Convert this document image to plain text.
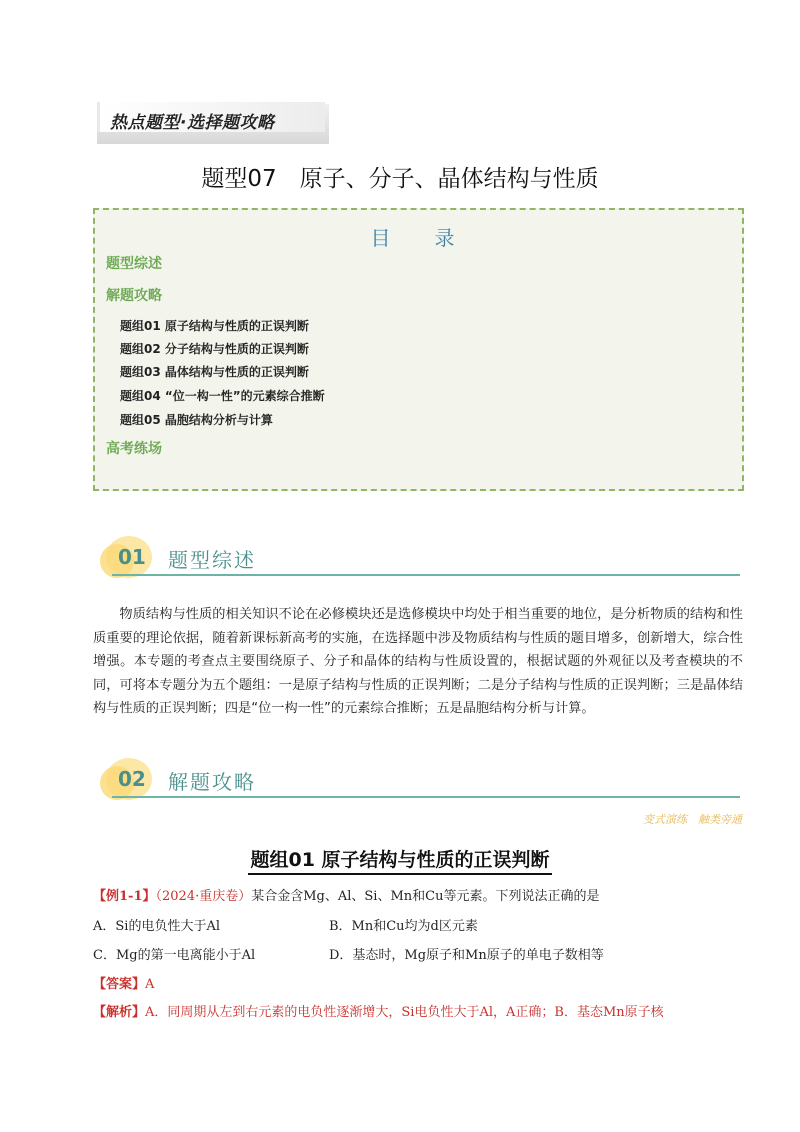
热点题型·选择题攻略
题型07　原子、分子、晶体结构与性质
目　录
题型综述
解题攻略
题组01 原子结构与性质的正误判断
题组02 分子结构与性质的正误判断
题组03 晶体结构与性质的正误判断
题组04 “位一构一性”的元素综合推断
题组05 晶胞结构分析与计算
高考练场
01 题型综述
物质结构与性质的相关知识不论在必修模块还是选修模块中均处于相当重要的地位，是分析物质的结构和性质重要的理论依据，随着新课标新高考的实施，在选择题中涉及物质结构与性质的题目增多，创新增大，综合性增强。本专题的考查点主要围绕原子、分子和晶体的结构与性质设置的，根据试题的外观征以及考查模块的不同，可将本专题分为五个题组：一是原子结构与性质的正误判断；二是分子结构与性质的正误判断；三是晶体结构与性质的正误判断；四是“位一构一性”的元素综合推断；五是晶胞结构分析与计算。
02 解题攻略
变式演练　触类旁通
题组01 原子结构与性质的正误判断
【例1-1】（2024·重庆卷）某合金含Mg、Al、Si、Mn和Cu等元素。下列说法正确的是
A．Si的电负性大于Al	B．Mn和Cu均为d区元素
C．Mg的第一电离能小于Al	D．基态时，Mg原子和Mn原子的单电子数相等
【答案】A
【解析】A．同周期从左到右元素的电负性逐渐增大，Si电负性大于Al，A正确；B．基态Mn原子核
